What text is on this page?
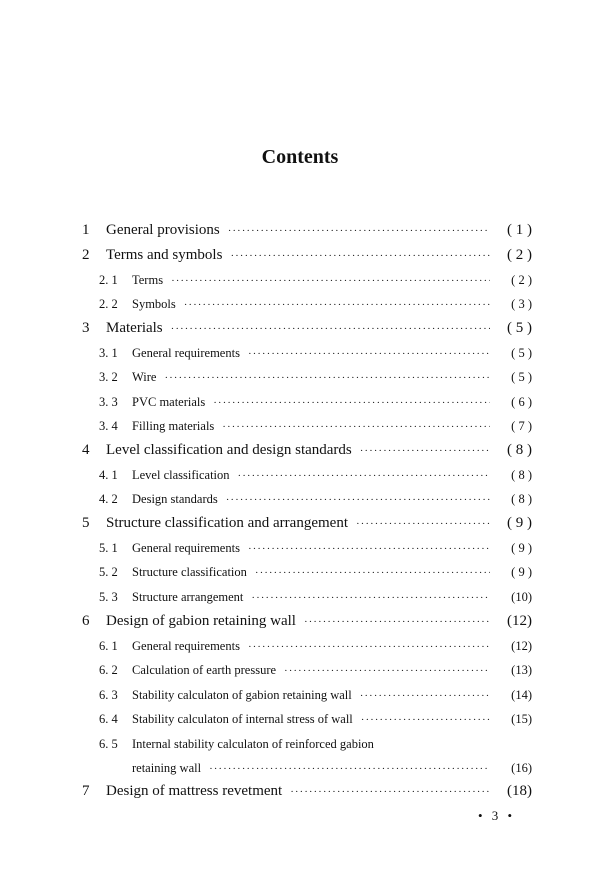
Contents
1	General provisions ·····	( 1 )
2	Terms and symbols ·····	( 2 )
2. 1	Terms ·····	( 2 )
2. 2	Symbols ·····	( 3 )
3	Materials ·····	( 5 )
3. 1	General requirements ·····	( 5 )
3. 2	Wire ·····	( 5 )
3. 3	PVC materials ·····	( 6 )
3. 4	Filling materials ·····	( 7 )
4	Level classification and design standards ·····	( 8 )
4. 1	Level classification ·····	( 8 )
4. 2	Design standards ·····	( 8 )
5	Structure classification and arrangement ·····	( 9 )
5. 1	General requirements ·····	( 9 )
5. 2	Structure classification ·····	( 9 )
5. 3	Structure arrangement ·····	(10)
6	Design of gabion retaining wall ·····	(12)
6. 1	General requirements ·····	(12)
6. 2	Calculation of earth pressure ·····	(13)
6. 3	Stability calculaton of gabion retaining wall ·····	(14)
6. 4	Stability calculaton of internal stress of wall ·····	(15)
6. 5	Internal stability calculaton of reinforced gabion
retaining wall ·····	(16)
7	Design of mattress revetment ·····	(18)
• 3 •
